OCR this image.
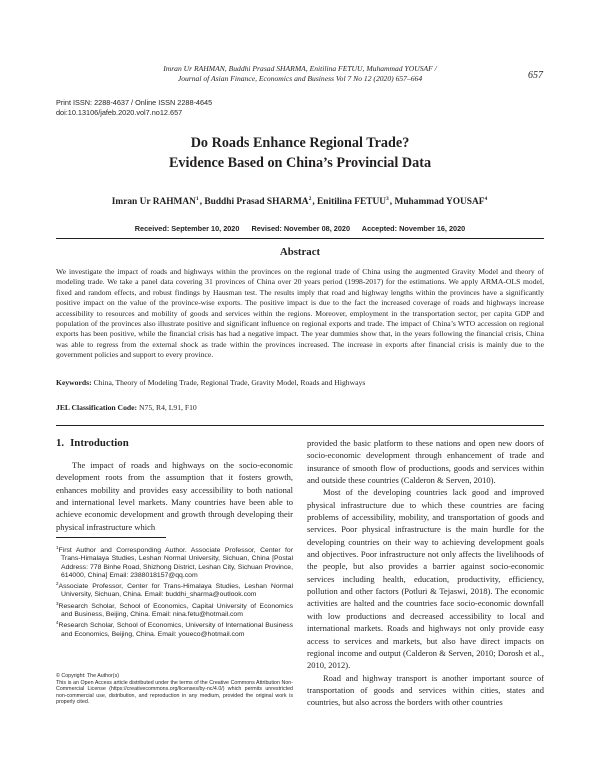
Imran Ur RAHMAN, Buddhi Prasad SHARMA, Enitilina FETUU, Muhammad YOUSAF /
Journal of Asian Finance, Economics and Business Vol 7 No 12 (2020) 657–664	657
Print ISSN: 2288-4637 / Online ISSN 2288-4645
doi:10.13106/jafeb.2020.vol7.no12.657
Do Roads Enhance Regional Trade?
Evidence Based on China’s Provincial Data
Imran Ur RAHMAN$^1$, Buddhi Prasad SHARMA$^2$, Enitilina FETUU$^3$, Muhammad YOUSAF$^4$
Received: September 10, 2020 Revised: November 08, 2020 Accepted: November 16, 2020
Abstract
We investigate the impact of roads and highways within the provinces on the regional trade of China using the augmented Gravity Model and theory of modeling trade. We take a panel data covering 31 provinces of China over 20 years period (1998-2017) for the estimations. We apply ARMA-OLS model, fixed and random effects, and robust findings by Hausman test. The results imply that road and highway lengths within the provinces have a significantly positive impact on the value of the province-wise exports. The positive impact is due to the fact the increased coverage of roads and highways increase accessibility to resources and mobility of goods and services within the regions. Moreover, employment in the transportation sector, per capita GDP and population of the provinces also illustrate positive and significant influence on regional exports and trade. The impact of China’s WTO accession on regional exports has been positive, while the financial crisis has had a negative impact. The year dummies show that, in the years following the financial crisis, China was able to regress from the external shock as trade within the provinces increased. The increase in exports after financial crisis is mainly due to the government policies and support to every province.
Keywords: China, Theory of Modeling Trade, Regional Trade, Gravity Model, Roads and Highways
JEL Classification Code: N75, R4, L91, F10
1. Introduction

The impact of roads and highways on the socio-economic development roots from the assumption that it fosters growth, enhances mobility and provides easy accessibility to both national and international level markets. Many countries have been able to achieve economic development and growth through developing their physical infrastructure which

$^1$First Author and Corresponding Author. Associate Professor, Center for Trans-Himalaya Studies, Leshan Normal University, Sichuan, China [Postal Address: 778 Binhe Road, Shizhong District, Leshan City, Sichuan Province, 614000, China] Email: 2388018157@qq.com
$^2$Associate Professor, Center for Trans-Himalaya Studies, Leshan Normal University, Sichuan, China. Email: buddhi_sharma@outlook.com
$^3$Research Scholar, School of Economics, Capital University of Economics and Business, Beijing, China. Email: nina.fetu@hotmail.com
$^4$Research Scholar, School of Economics, University of International Business and Economics, Beijing, China. Email: youeco@hotmail.com
© Copyright: The Author(s)
This is an Open Access article distributed under the terms of the Creative Commons Attribution Non-Commercial License (https://creativecommons.org/licenses/by-nc/4.0/) which permits unrestricted non-commercial use, distribution, and reproduction in any medium, provided the original work is properly cited.

provided the basic platform to these nations and open new doors of socio-economic development through enhancement of trade and insurance of smooth flow of productions, goods and services within and outside these countries (Calderon & Serven, 2010).

Most of the developing countries lack good and improved physical infrastructure due to which these countries are facing problems of accessibility, mobility, and transportation of goods and services. Poor physical infrastructure is the main hurdle for the developing countries on their way to achieving development goals and objectives. Poor infrastructure not only affects the livelihoods of the people, but also provides a barrier against socio-economic services including health, education, productivity, efficiency, pollution and other factors (Potluri & Tejaswi, 2018). The economic activities are halted and the countries face socio-economic downfall with low productions and decreased accessibility to local and international markets. Roads and highways not only provide easy access to services and markets, but also have direct impacts on regional income and output (Calderon & Serven, 2010; Dorosh et al., 2010, 2012).

Road and highway transport is another important source of transportation of goods and services within cities, states and countries, but also across the borders with other countries
